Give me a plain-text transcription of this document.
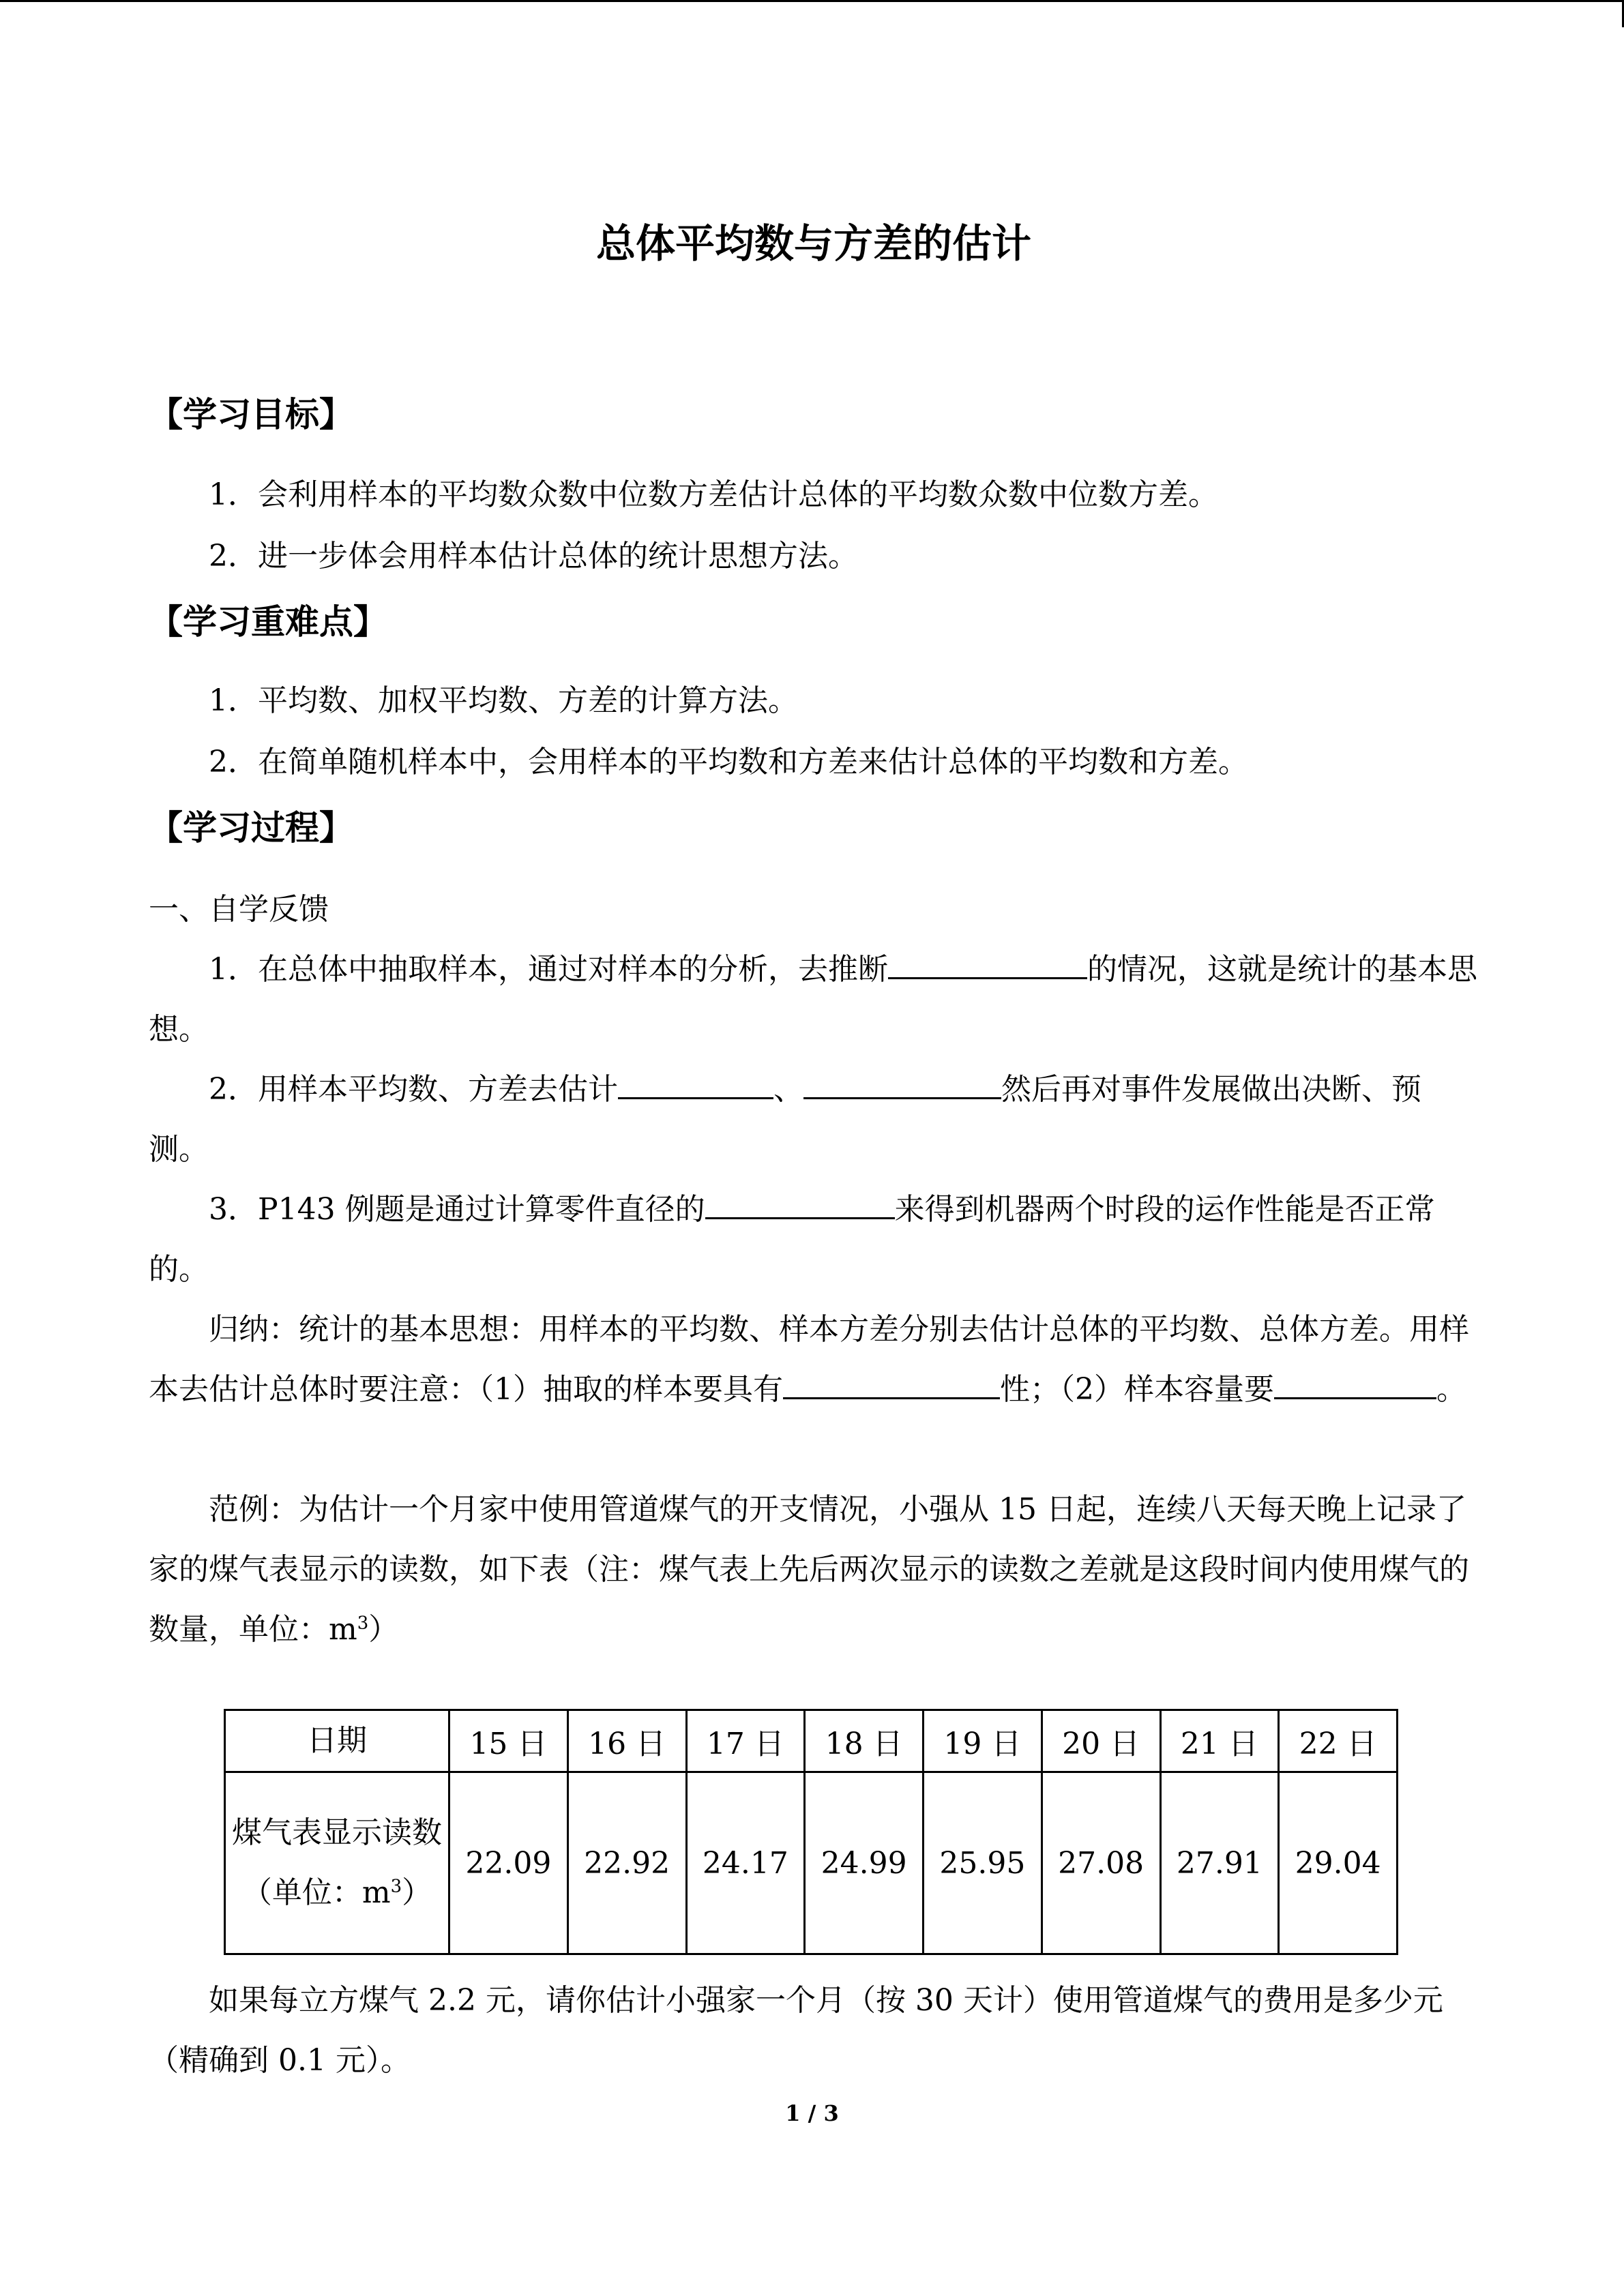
总体平均数与方差的估计
【学习目标】
1．会利用样本的平均数众数中位数方差估计总体的平均数众数中位数方差。
2．进一步体会用样本估计总体的统计思想方法。
【学习重难点】
1．平均数、加权平均数、方差的计算方法。
2．在简单随机样本中，会用样本的平均数和方差来估计总体的平均数和方差。
【学习过程】
一、自学反馈
1．在总体中抽取样本，通过对样本的分析，去推断	的情况，这就是统计的基本思想。
2．用样本平均数、方差去估计	、	然后再对事件发展做出决断、预测。
3．P143 例题是通过计算零件直径的	来得到机器两个时段的运作性能是否正常的。
归纳：统计的基本思想：用样本的平均数、样本方差分别去估计总体的平均数、总体方差。用样本去估计总体时要注意：（1）抽取的样本要具有	性；（2）样本容量要	。
范例：为估计一个月家中使用管道煤气的开支情况，小强从 15 日起，连续八天每天晚上记录了家的煤气表显示的读数，如下表（注：煤气表上先后两次显示的读数之差就是这段时间内使用煤气的数量，单位：$m^3$）
日期	15 日	16 日	17 日	18 日	19 日	20 日	21 日	22 日
煤气表显示读数（单位：$m^3$）	22.09	22.92	24.17	24.99	25.95	27.08	27.91	29.04
如果每立方煤气 2.2 元，请你估计小强家一个月（按 30 天计）使用管道煤气的费用是多少元（精确到 0.1 元）。
1 / 3
